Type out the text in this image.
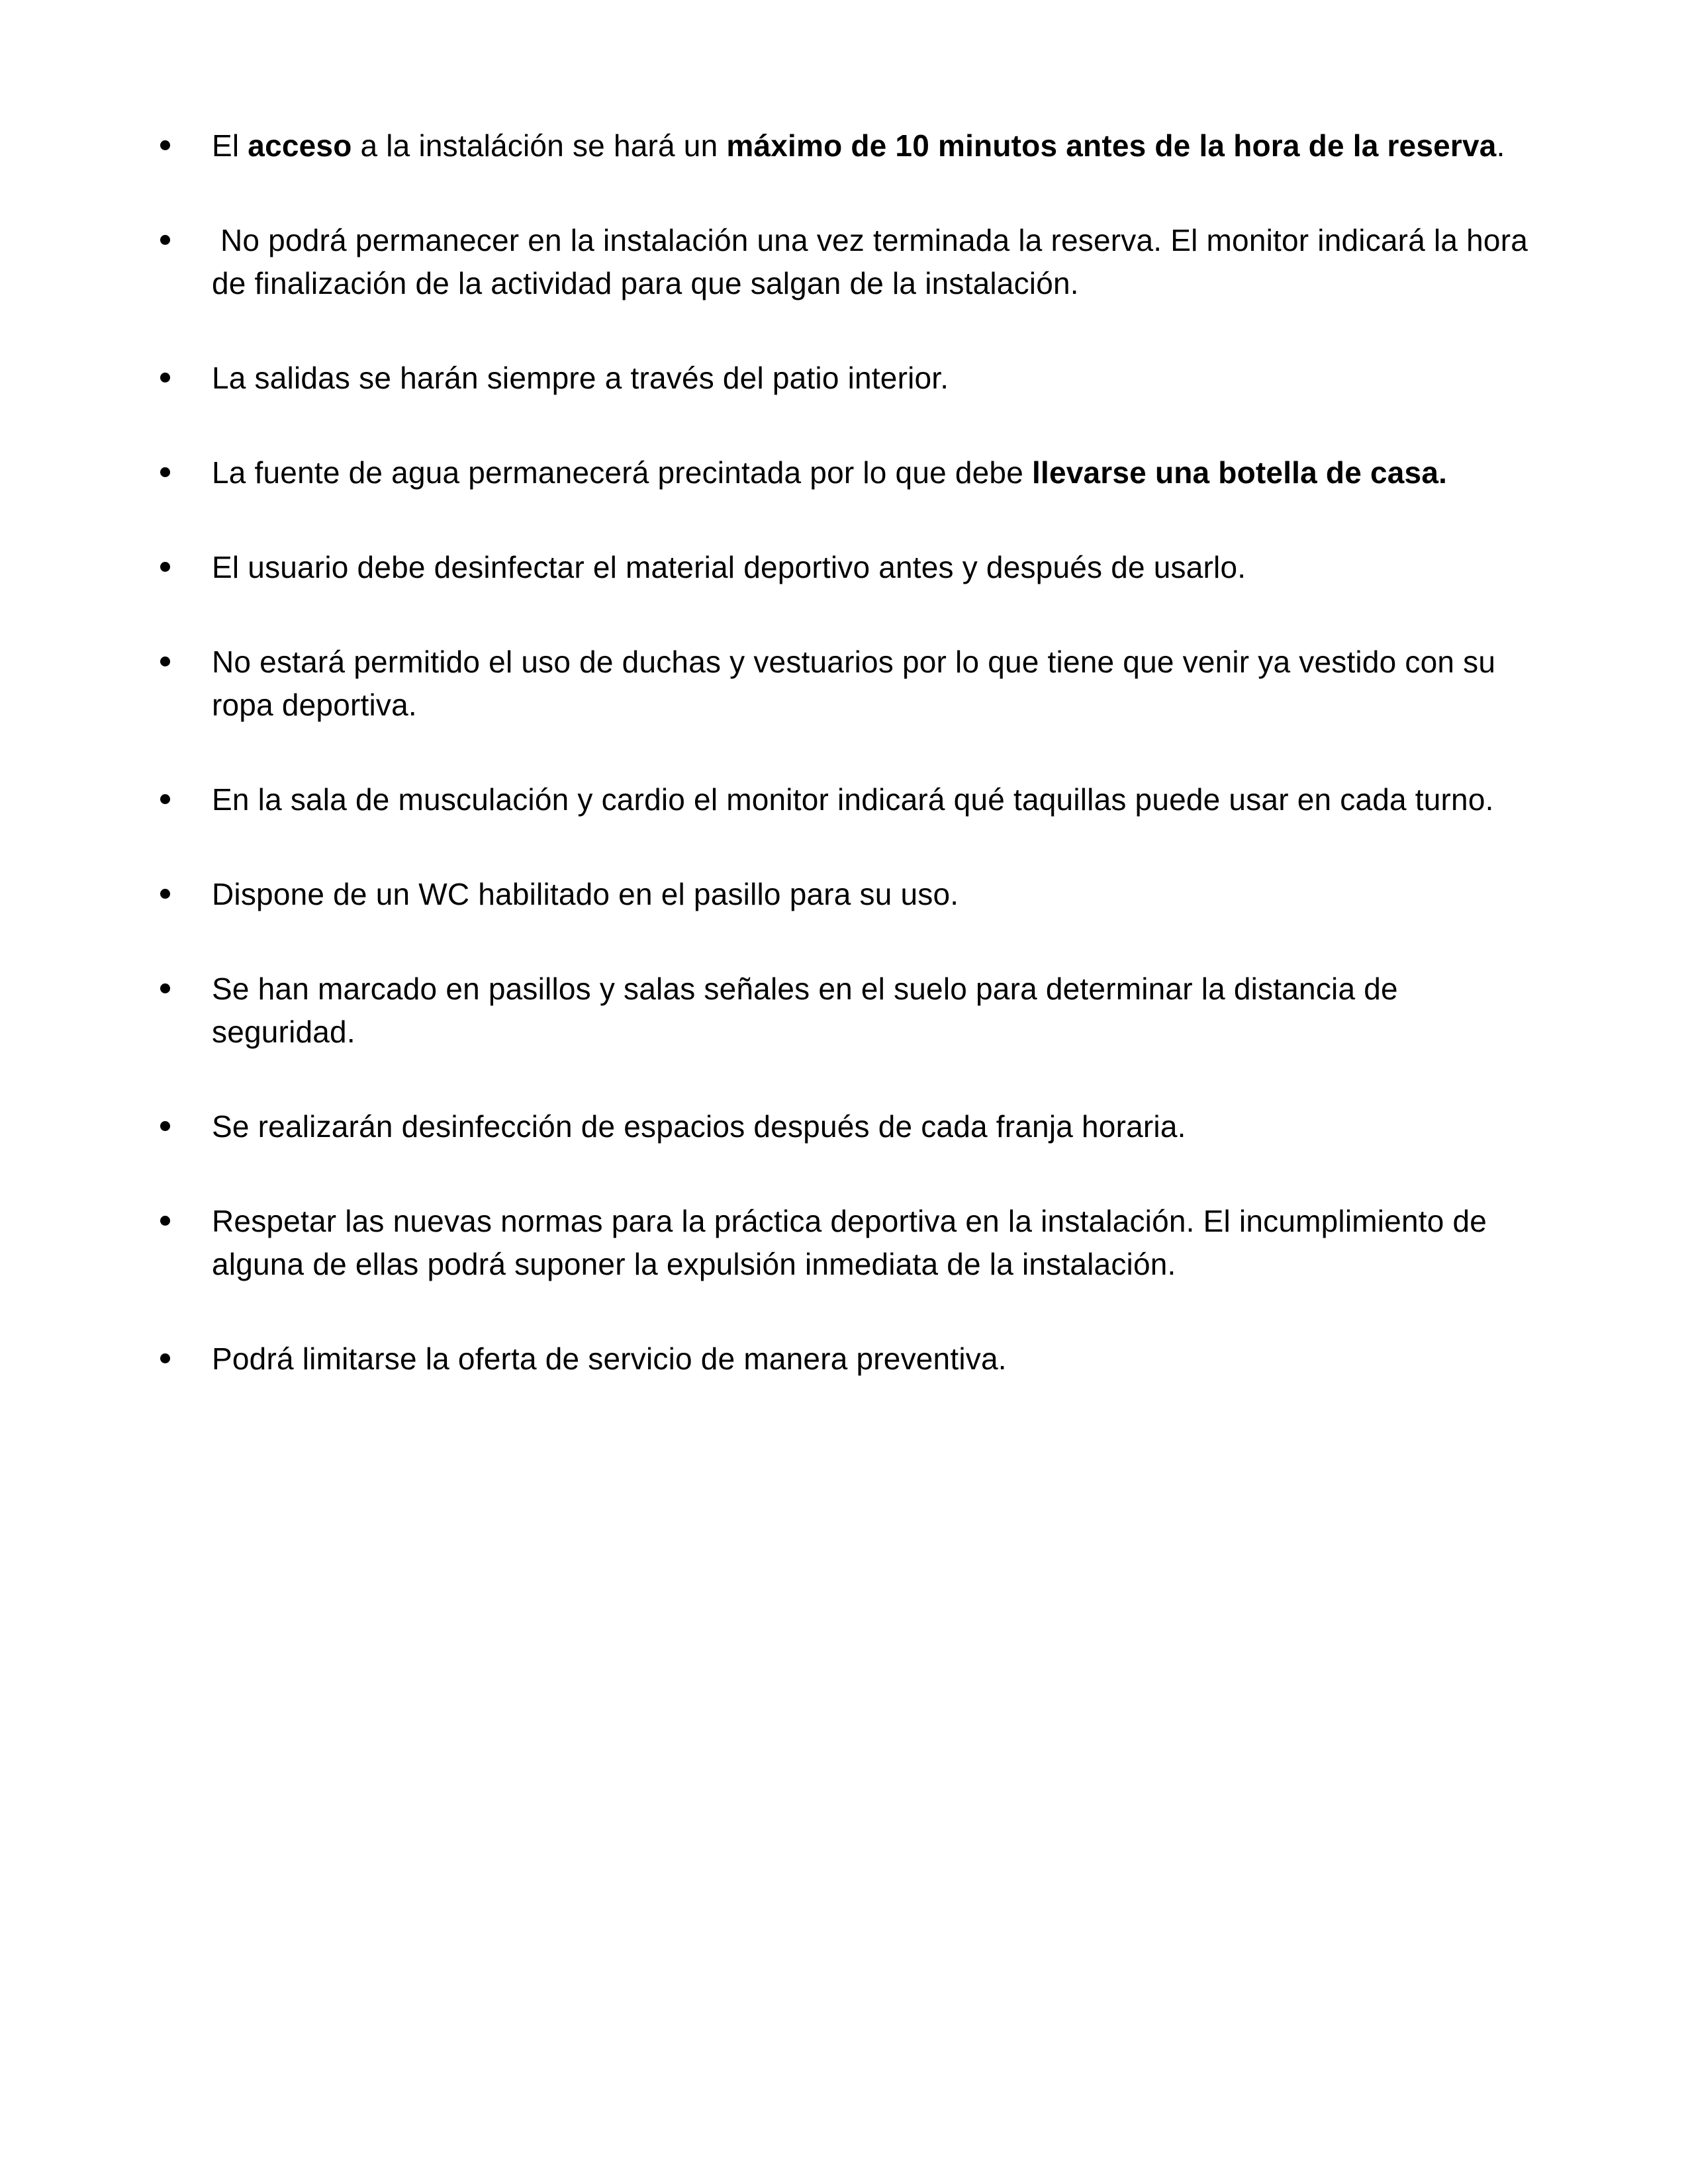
El acceso a la instaláción se hará un máximo de 10 minutos antes de la hora de la reserva.
No podrá permanecer en la instalación una vez terminada la reserva. El monitor indicará la hora de finalización de la actividad para que salgan de la instalación.
La salidas se harán siempre a través del patio interior.
La fuente de agua permanecerá precintada por lo que debe llevarse una botella de casa.
El usuario debe desinfectar el material deportivo antes y después de usarlo.
No estará permitido el uso de duchas y vestuarios por lo que tiene que venir ya vestido con su ropa deportiva.
En la sala de musculación y cardio el monitor indicará qué taquillas puede usar en cada turno.
Dispone de un WC habilitado en el pasillo para su uso.
Se han marcado en pasillos y salas señales en el suelo para determinar la distancia de seguridad.
Se realizarán desinfección de espacios después de cada franja horaria.
Respetar las nuevas normas para la práctica deportiva en la instalación. El incumplimiento de alguna de ellas podrá suponer la expulsión inmediata de la instalación.
Podrá limitarse la oferta de servicio de manera preventiva.
